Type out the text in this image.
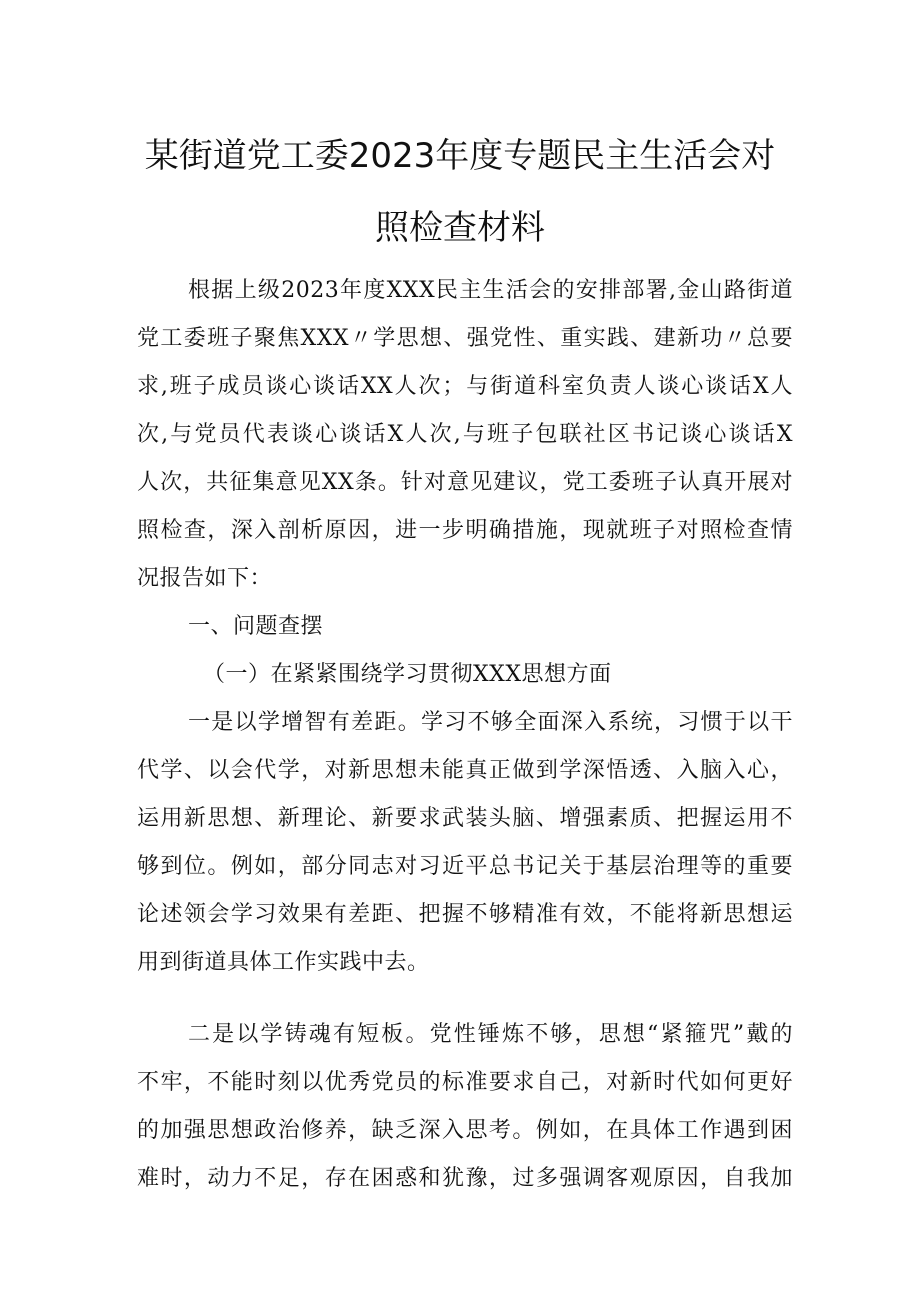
某街道党工委2023年度专题民主生活会对
照检查材料
根据上级2023年度XXX民主生活会的安排部署,金山路街道
党工委班子聚焦XXX〃学思想、强党性、重实践、建新功〃总要
求,班子成员谈心谈话XX人次；与街道科室负责人谈心谈话X人
次,与党员代表谈心谈话X人次,与班子包联社区书记谈心谈话X
人次，共征集意见XX条。针对意见建议，党工委班子认真开展对
照检查，深入剖析原因，进一步明确措施，现就班子对照检查情
况报告如下：
一、问题查摆
（一）在紧紧围绕学习贯彻XXX思想方面
一是以学增智有差距。学习不够全面深入系统，习惯于以干
代学、以会代学，对新思想未能真正做到学深悟透、入脑入心，
运用新思想、新理论、新要求武装头脑、增强素质、把握运用不
够到位。例如，部分同志对习近平总书记关于基层治理等的重要
论述领会学习效果有差距、把握不够精准有效，不能将新思想运
用到街道具体工作实践中去。
二是以学铸魂有短板。党性锤炼不够，思想“紧箍咒”戴的
不牢，不能时刻以优秀党员的标准要求自己，对新时代如何更好
的加强思想政治修养，缺乏深入思考。例如，在具体工作遇到困
难时，动力不足，存在困惑和犹豫，过多强调客观原因，自我加
